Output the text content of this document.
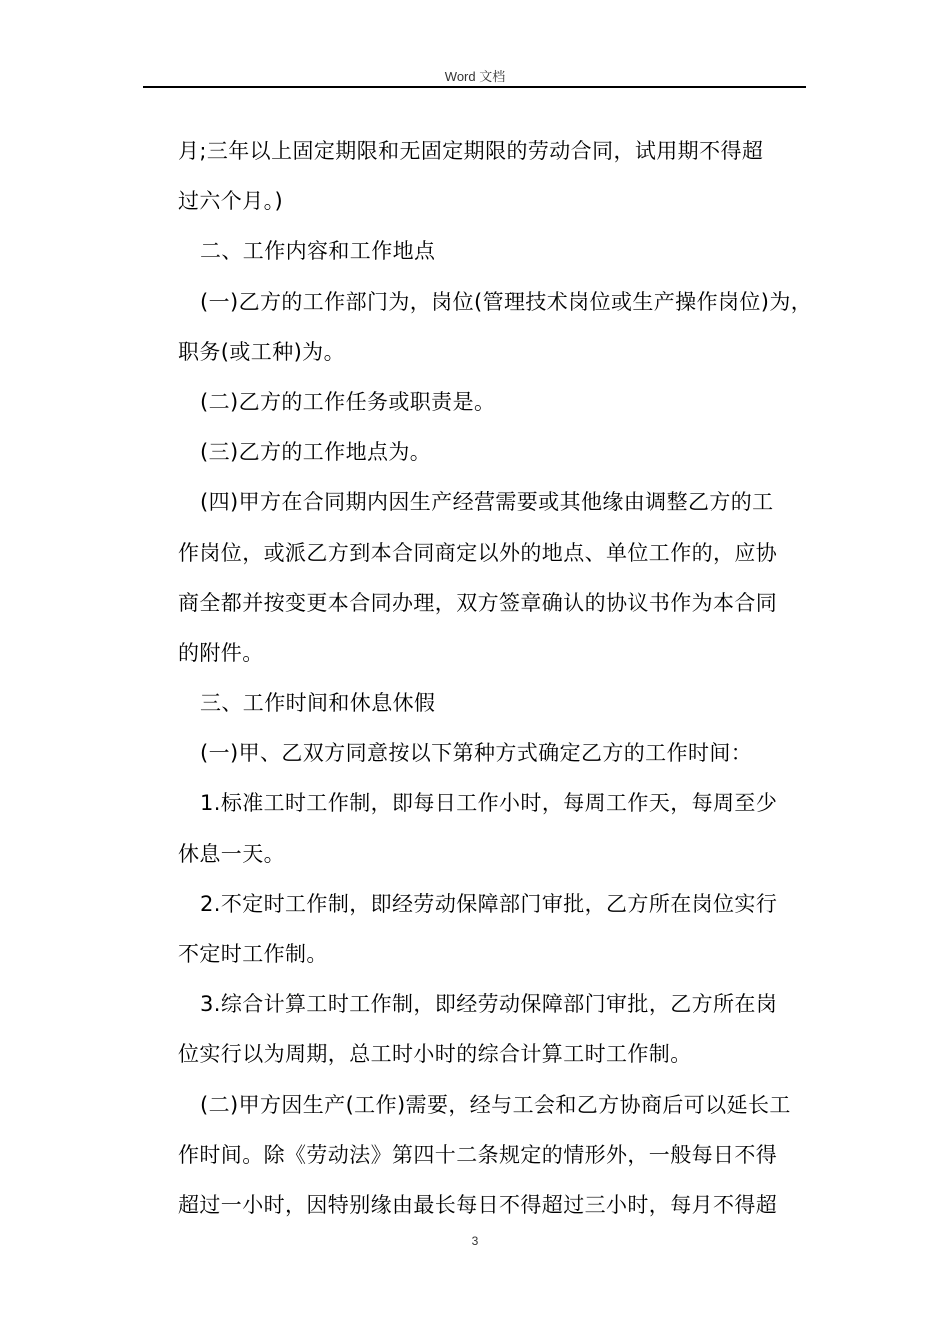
Word 文档
月;三年以上固定期限和无固定期限的劳动合同，试用期不得超
过六个月。)
二、工作内容和工作地点
(一)乙方的工作部门为，岗位(管理技术岗位或生产操作岗位)为，
职务(或工种)为。
(二)乙方的工作任务或职责是。
(三)乙方的工作地点为。
(四)甲方在合同期内因生产经营需要或其他缘由调整乙方的工
作岗位，或派乙方到本合同商定以外的地点、单位工作的，应协
商全都并按变更本合同办理，双方签章确认的协议书作为本合同
的附件。
三、工作时间和休息休假
(一)甲、乙双方同意按以下第种方式确定乙方的工作时间：
1.标准工时工作制，即每日工作小时，每周工作天，每周至少
休息一天。
2.不定时工作制，即经劳动保障部门审批，乙方所在岗位实行
不定时工作制。
3.综合计算工时工作制，即经劳动保障部门审批，乙方所在岗
位实行以为周期，总工时小时的综合计算工时工作制。
(二)甲方因生产(工作)需要，经与工会和乙方协商后可以延长工
作时间。除《劳动法》第四十二条规定的情形外，一般每日不得
超过一小时，因特别缘由最长每日不得超过三小时，每月不得超
3
